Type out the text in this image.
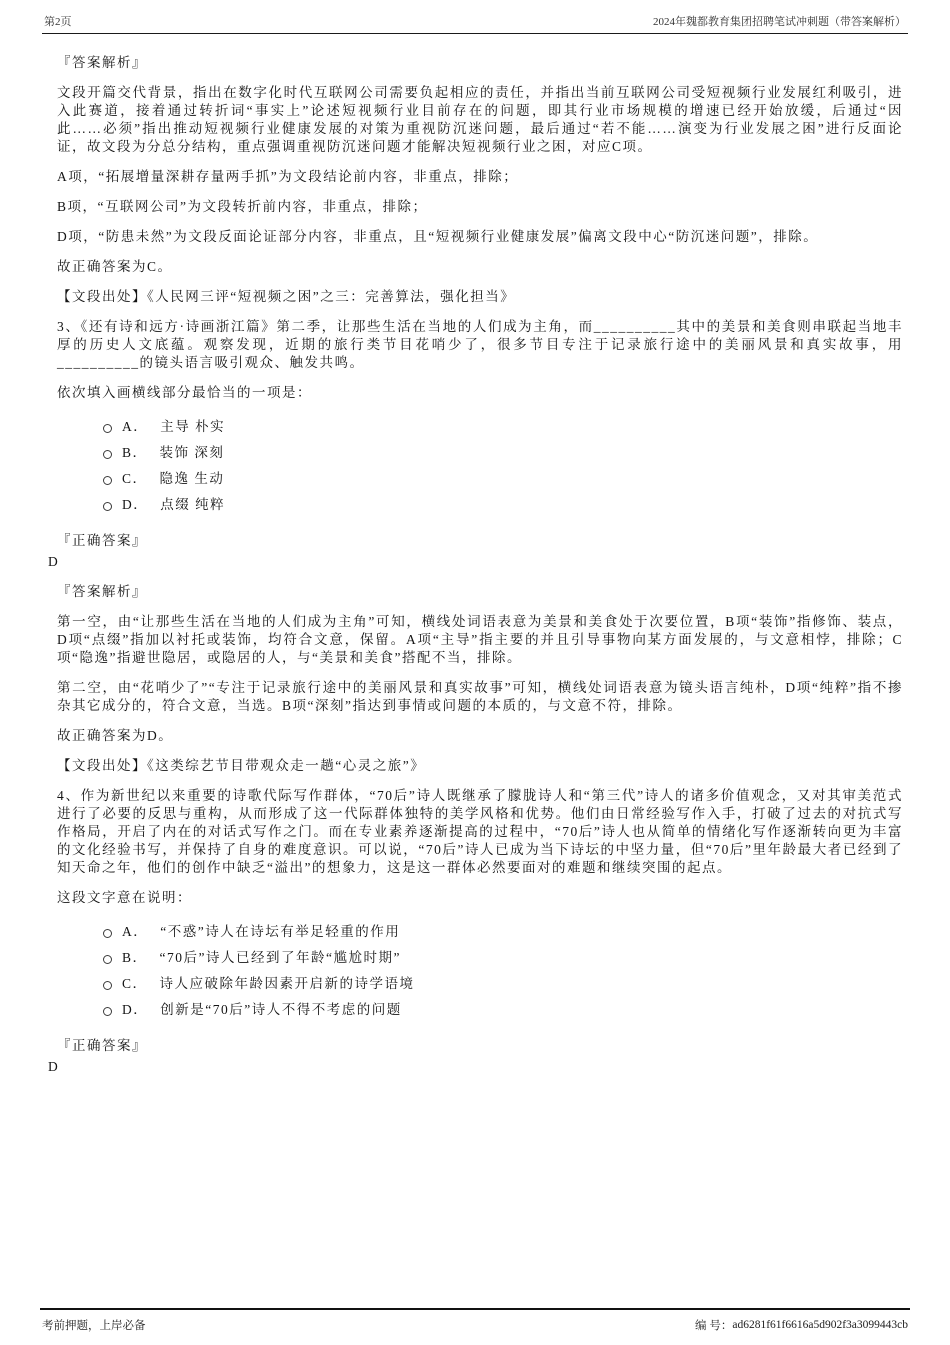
第2页	2024年魏都教育集团招聘笔试冲刺题（带答案解析）

『答案解析』

文段开篇交代背景，指出在数字化时代互联网公司需要负起相应的责任，并指出当前互联网公司受短视频行业发展红利吸引，进入此赛道，接着通过转折词“事实上”论述短视频行业目前存在的问题，即其行业市场规模的增速已经开始放缓，后通过“因此……必须”指出推动短视频行业健康发展的对策为重视防沉迷问题，最后通过“若不能……演变为行业发展之困”进行反面论证，故文段为分总分结构，重点强调重视防沉迷问题才能解决短视频行业之困，对应C项。

A项，“拓展增量深耕存量两手抓”为文段结论前内容，非重点，排除；

B项，“互联网公司”为文段转折前内容，非重点，排除；

D项，“防患未然”为文段反面论证部分内容，非重点，且“短视频行业健康发展”偏离文段中心“防沉迷问题”，排除。

故正确答案为C。

【文段出处】《人民网三评“短视频之困”之三：完善算法，强化担当》

3、《还有诗和远方·诗画浙江篇》第二季，让那些生活在当地的人们成为主角，而__________其中的美景和美食则串联起当地丰厚的历史人文底蕴。观察发现，近期的旅行类节目花哨少了，很多节目专注于记录旅行途中的美丽风景和真实故事，用__________的镜头语言吸引观众、触发共鸣。

依次填入画横线部分最恰当的一项是：

A． 主导 朴实
B． 装饰 深刻
C． 隐逸 生动
D． 点缀 纯粹

『正确答案』

D

『答案解析』

第一空，由“让那些生活在当地的人们成为主角”可知，横线处词语表意为美景和美食处于次要位置，B项“装饰”指修饰、装点，D项“点缀”指加以衬托或装饰，均符合文意，保留。A项“主导”指主要的并且引导事物向某方面发展的，与文意相悖，排除；C项“隐逸”指避世隐居，或隐居的人，与“美景和美食”搭配不当，排除。

第二空，由“花哨少了”“专注于记录旅行途中的美丽风景和真实故事”可知，横线处词语表意为镜头语言纯朴，D项“纯粹”指不掺杂其它成分的，符合文意，当选。B项“深刻”指达到事情或问题的本质的，与文意不符，排除。

故正确答案为D。

【文段出处】《这类综艺节目带观众走一趟“心灵之旅”》

4、作为新世纪以来重要的诗歌代际写作群体，“70后”诗人既继承了朦胧诗人和“第三代”诗人的诸多价值观念，又对其审美范式进行了必要的反思与重构，从而形成了这一代际群体独特的美学风格和优势。他们由日常经验写作入手，打破了过去的对抗式写作格局，开启了内在的对话式写作之门。而在专业素养逐渐提高的过程中，“70后”诗人也从简单的情绪化写作逐渐转向更为丰富的文化经验书写，并保持了自身的难度意识。可以说，“70后”诗人已成为当下诗坛的中坚力量，但“70后”里年龄最大者已经到了知天命之年，他们的创作中缺乏“溢出”的想象力，这是这一群体必然要面对的难题和继续突围的起点。

这段文字意在说明：

A． “不惑”诗人在诗坛有举足轻重的作用
B． “70后”诗人已经到了年龄“尴尬时期”
C． 诗人应破除年龄因素开启新的诗学语境
D． 创新是“70后”诗人不得不考虑的问题

『正确答案』

D

考前押题，上岸必备	编 号： ad6281f61f6616a5d902f3a3099443cb
